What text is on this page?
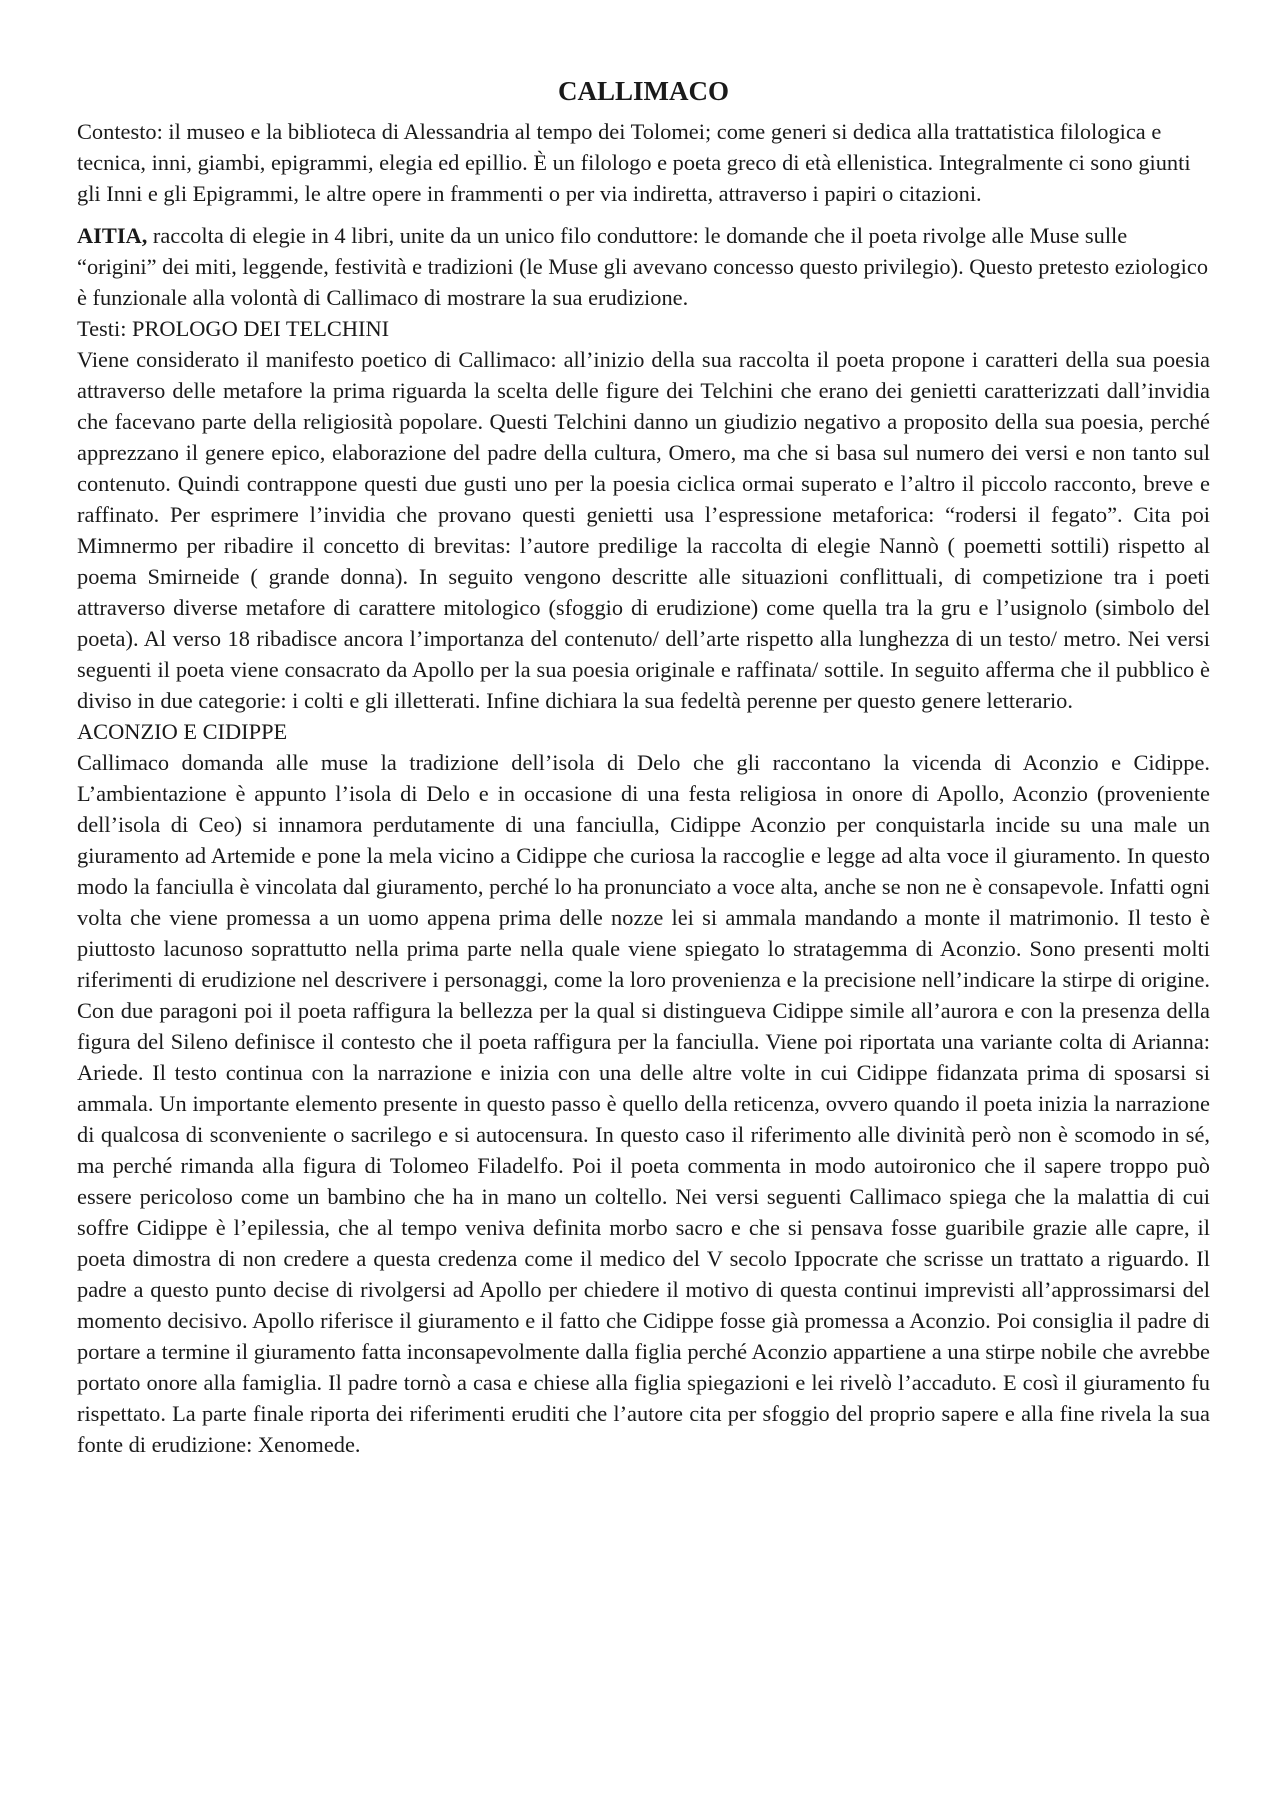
CALLIMACO

Contesto: il museo e la biblioteca di Alessandria al tempo dei Tolomei; come generi si dedica alla trattatistica filologica e tecnica, inni, giambi, epigrammi, elegia ed epillio. È un filologo e poeta greco di età ellenistica. Integralmente ci sono giunti gli Inni e gli Epigrammi, le altre opere in frammenti o per via indiretta, attraverso i papiri o citazioni.

AITIA, raccolta di elegie in 4 libri, unite da un unico filo conduttore: le domande che il poeta rivolge alle Muse sulle “origini” dei miti, leggende, festività e tradizioni (le Muse gli avevano concesso questo privilegio). Questo pretesto eziologico è funzionale alla volontà di Callimaco di mostrare la sua erudizione.

Testi: PROLOGO DEI TELCHINI

Viene considerato il manifesto poetico di Callimaco: all’inizio della sua raccolta il poeta propone i caratteri della sua poesia attraverso delle metafore la prima riguarda la scelta delle figure dei Telchini che erano dei genietti caratterizzati dall’invidia che facevano parte della religiosità popolare. Questi Telchini danno un giudizio negativo a proposito della sua poesia, perché apprezzano il genere epico, elaborazione del padre della cultura, Omero, ma che si basa sul numero dei versi e non tanto sul contenuto. Quindi contrappone questi due gusti uno per la poesia ciclica ormai superato e l’altro il piccolo racconto, breve e raffinato. Per esprimere l’invidia che provano questi genietti usa l’espressione metaforica: “rodersi il fegato”. Cita poi Mimnermo per ribadire il concetto di brevitas: l’autore predilige la raccolta di elegie Nannò ( poemetti sottili) rispetto al poema Smirneide ( grande donna). In seguito vengono descritte alle situazioni conflittuali, di competizione tra i poeti attraverso diverse metafore di carattere mitologico (sfoggio di erudizione) come quella tra la gru e l’usignolo (simbolo del poeta). Al verso 18 ribadisce ancora l’importanza del contenuto/ dell’arte rispetto alla lunghezza di un testo/ metro. Nei versi seguenti il poeta viene consacrato da Apollo per la sua poesia originale e raffinata/ sottile. In seguito afferma che il pubblico è diviso in due categorie: i colti e gli illetterati. Infine dichiara la sua fedeltà perenne per questo genere letterario.

ACONZIO E CIDIPPE

Callimaco domanda alle muse la tradizione dell’isola di Delo che gli raccontano la vicenda di Aconzio e Cidippe. L’ambientazione è appunto l’isola di Delo e in occasione di una festa religiosa in onore di Apollo, Aconzio (proveniente dell’isola di Ceo) si innamora perdutamente di una fanciulla, Cidippe Aconzio per conquistarla incide su una male un giuramento ad Artemide e pone la mela vicino a Cidippe che curiosa la raccoglie e legge ad alta voce il giuramento. In questo modo la fanciulla è vincolata dal giuramento, perché lo ha pronunciato a voce alta, anche se non ne è consapevole. Infatti ogni volta che viene promessa a un uomo appena prima delle nozze lei si ammala mandando a monte il matrimonio. Il testo è piuttosto lacunoso soprattutto nella prima parte nella quale viene spiegato lo stratagemma di Aconzio. Sono presenti molti riferimenti di erudizione nel descrivere i personaggi, come la loro provenienza e la precisione nell’indicare la stirpe di origine. Con due paragoni poi il poeta raffigura la bellezza per la qual si distingueva Cidippe simile all’aurora e con la presenza della figura del Sileno definisce il contesto che il poeta raffigura per la fanciulla. Viene poi riportata una variante colta di Arianna: Ariede. Il testo continua con la narrazione e inizia con una delle altre volte in cui Cidippe fidanzata prima di sposarsi si ammala. Un importante elemento presente in questo passo è quello della reticenza, ovvero quando il poeta inizia la narrazione di qualcosa di sconveniente o sacrilego e si autocensura. In questo caso il riferimento alle divinità però non è scomodo in sé, ma perché rimanda alla figura di Tolomeo Filadelfo. Poi il poeta commenta in modo autoironico che il sapere troppo può essere pericoloso come un bambino che ha in mano un coltello. Nei versi seguenti Callimaco spiega che la malattia di cui soffre Cidippe è l’epilessia, che al tempo veniva definita morbo sacro e che si pensava fosse guaribile grazie alle capre, il poeta dimostra di non credere a questa credenza come il medico del V secolo Ippocrate che scrisse un trattato a riguardo. Il padre a questo punto decise di rivolgersi ad Apollo per chiedere il motivo di questa continui imprevisti all’approssimarsi del momento decisivo. Apollo riferisce il giuramento e il fatto che Cidippe fosse già promessa a Aconzio. Poi consiglia il padre di portare a termine il giuramento fatta inconsapevolmente dalla figlia perché Aconzio appartiene a una stirpe nobile che avrebbe portato onore alla famiglia. Il padre tornò a casa e chiese alla figlia spiegazioni e lei rivelò l’accaduto. E così il giuramento fu rispettato. La parte finale riporta dei riferimenti eruditi che l’autore cita per sfoggio del proprio sapere e alla fine rivela la sua fonte di erudizione: Xenomede.
